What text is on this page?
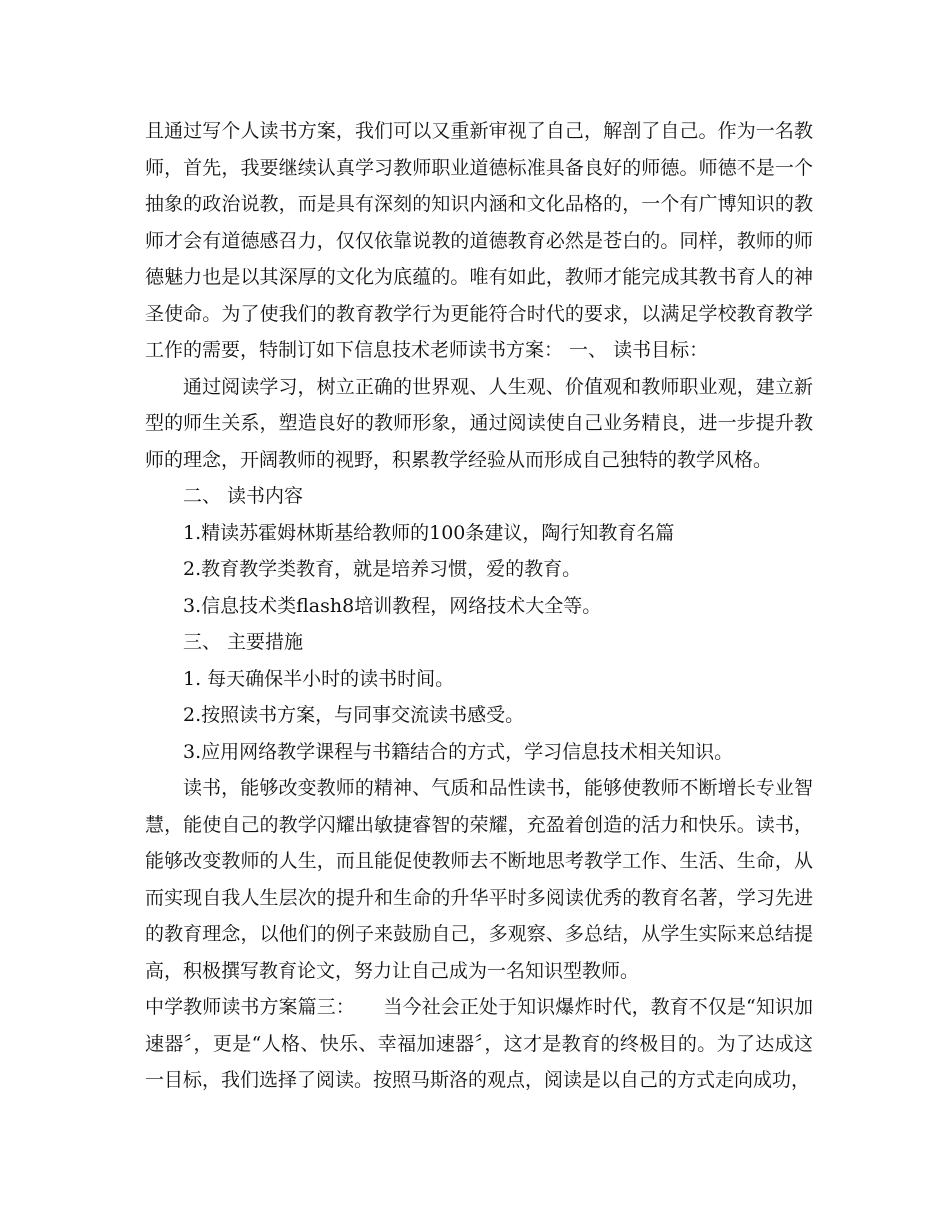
且通过写个人读书方案，我们可以又重新审视了自己，解剖了自己。作为一名教师，首先，我要继续认真学习教师职业道德标准具备良好的师德。师德不是一个抽象的政治说教，而是具有深刻的知识内涵和文化品格的，一个有广博知识的教师才会有道德感召力，仅仅依靠说教的道德教育必然是苍白的。同样，教师的师德魅力也是以其深厚的文化为底蕴的。唯有如此，教师才能完成其教书育人的神圣使命。为了使我们的教育教学行为更能符合时代的要求，以满足学校教育教学工作的需要，特制订如下信息技术老师读书方案： 一、 读书目标：

通过阅读学习，树立正确的世界观、人生观、价值观和教师职业观，建立新型的师生关系，塑造良好的教师形象，通过阅读使自己业务精良，进一步提升教师的理念，开阔教师的视野，积累教学经验从而形成自己独特的教学风格。

二、 读书内容

1.精读苏霍姆林斯基给教师的100条建议，陶行知教育名篇

2.教育教学类教育，就是培养习惯，爱的教育。

3.信息技术类flash8培训教程，网络技术大全等。

三、 主要措施

1. 每天确保半小时的读书时间。

2.按照读书方案，与同事交流读书感受。

3.应用网络教学课程与书籍结合的方式，学习信息技术相关知识。

读书，能够改变教师的精神、气质和品性读书，能够使教师不断增长专业智慧，能使自己的教学闪耀出敏捷睿智的荣耀，充盈着创造的活力和快乐。读书，能够改变教师的人生，而且能促使教师去不断地思考教学工作、生活、生命，从而实现自我人生层次的提升和生命的升华平时多阅读优秀的教育名著，学习先进的教育理念，以他们的例子来鼓励自己，多观察、多总结，从学生实际来总结提高，积极撰写教育论文，努力让自己成为一名知识型教师。

中学教师读书方案篇三：　　当今社会正处于知识爆炸时代，教育不仅是“知识加速器〞，更是“人格、快乐、幸福加速器〞，这才是教育的终极目的。为了达成这一目标，我们选择了阅读。按照马斯洛的观点，阅读是以自己的方式走向成功，
